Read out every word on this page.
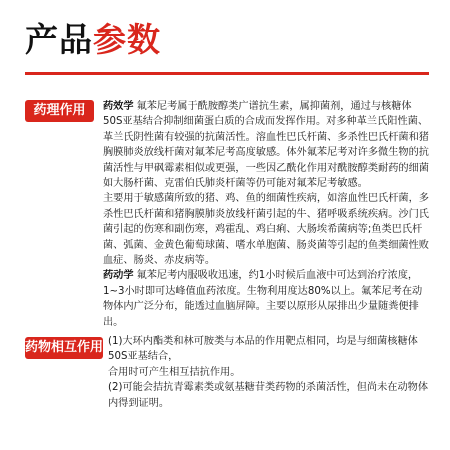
产品参数
药理作用	药效学 氟苯尼考属于酰胺醇类广谱抗生素，属抑菌剂，通过与核糖体50S亚基结合抑制细菌蛋白质的合成而发挥作用。对多种革兰氏阳性菌、革兰氏阴性菌有较强的抗菌活性。溶血性巴氏杆菌、多杀性巴氏杆菌和猪胸膜肺炎放线杆菌对氟苯尼考高度敏感。体外氟苯尼考对许多微生物的抗菌活性与甲砜霉素相似或更强，一些因乙酰化作用对酰胺醇类耐药的细菌如大肠杆菌、克雷伯氏肺炎杆菌等仍可能对氟苯尼考敏感。

主要用于敏感菌所致的猪、鸡、鱼的细菌性疾病，如溶血性巴氏杆菌，多杀性巴氏杆菌和猪胸膜肺炎放线杆菌引起的牛、猪呼吸系统疾病。沙门氏菌引起的伤寒和副伤寒，鸡霍乱、鸡白痢、大肠埃希菌病等;鱼类巴氏杆菌、弧菌、金黄色葡萄球菌、嗜水单胞菌、肠炎菌等引起的鱼类细菌性败血症、肠炎、赤皮病等。

药动学 氟苯尼考内服吸收迅速，约1小时候后血液中可达到治疗浓度，1~3小时即可达峰值血药浓度。生物利用度达80%以上。氟苯尼考在动物体内广泛分布，能透过血脑屏障。主要以原形从尿排出少量随粪便排出。

药物相互作用 (1)大环内酯类和林可胺类与本品的作用靶点相同，均是与细菌核糖体50S亚基结合，

合用时可产生相互拮抗作用。

(2)可能会拮抗青霉素类或氨基糖苷类药物的杀菌活性，但尚未在动物体内得到证明。
